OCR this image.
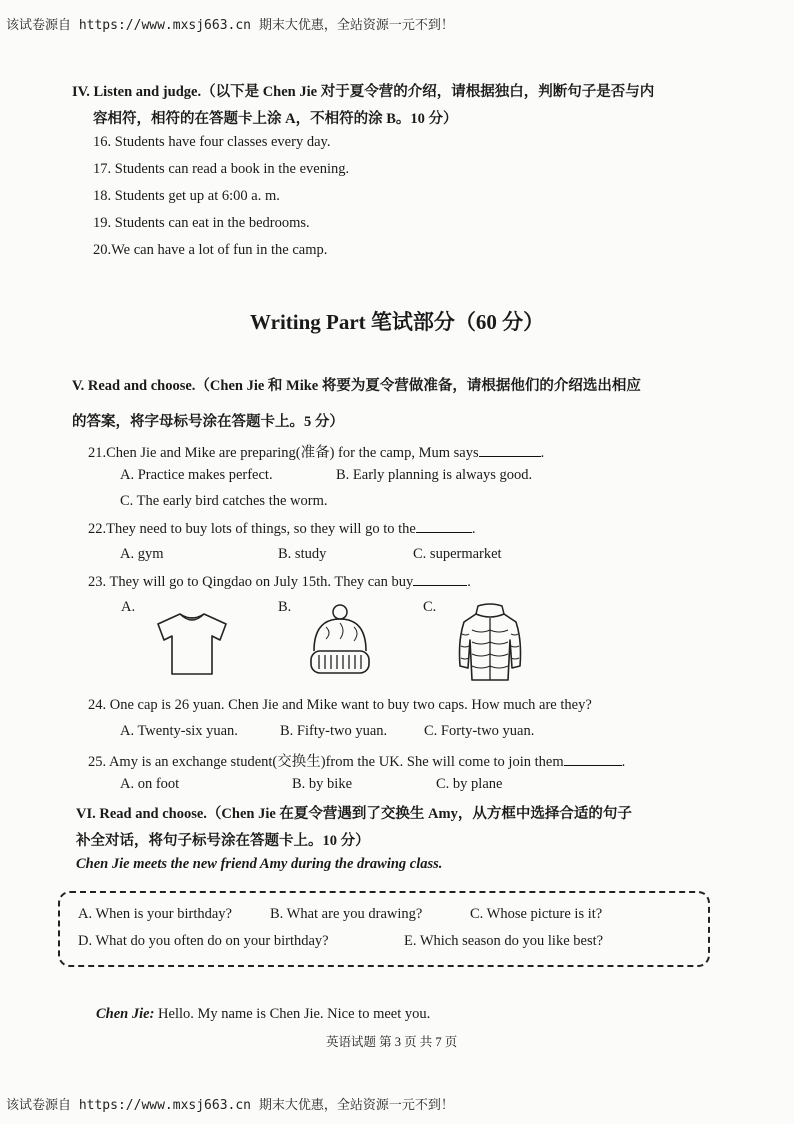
该试卷源自 https://www.mxsj663.cn 期末大优惠，全站资源一元不到！
IV. Listen and judge.（以下是 Chen Jie 对于夏令营的介绍，请根据独白，判断句子是否与内
容相符，相符的在答题卡上涂 A，不相符的涂 B。10 分）
16. Students have four classes every day.
17. Students can read a book in the evening.
18. Students get up at 6:00 a. m.
19. Students can eat in the bedrooms.
20.We can have a lot of fun in the camp.
Writing Part 笔试部分（60 分）
V. Read and choose.（Chen Jie 和 Mike 将要为夏令营做准备，请根据他们的介绍选出相应
的答案，将字母标号涂在答题卡上。5 分）
21.Chen Jie and Mike are preparing(准备) for the camp, Mum says	.
A. Practice makes perfect.	B. Early planning is always good.
C. The early bird catches the worm.
22.They need to buy lots of things, so they will go to the	.
A. gym	B. study	C. supermarket
23. They will go to Qingdao on July 15th. They can buy	.
A.	B.	C.
24. One cap is 26 yuan. Chen Jie and Mike want to buy two caps. How much are they?
A. Twenty-six yuan.	B. Fifty-two yuan.	C. Forty-two yuan.
25. Amy is an exchange student(交换生)from the UK. She will come to join them	.
A. on foot	B. by bike	C. by plane
VI. Read and choose.（Chen Jie 在夏令营遇到了交换生 Amy，从方框中选择合适的句子
补全对话，将句子标号涂在答题卡上。10 分）
Chen Jie meets the new friend Amy during the drawing class.
A. When is your birthday?	B. What are you drawing?	C. Whose picture is it?
D. What do you often do on your birthday?	E. Which season do you like best?
Chen Jie: Hello. My name is Chen Jie. Nice to meet you.
英语试题 第 3 页 共 7 页
该试卷源自 https://www.mxsj663.cn 期末大优惠，全站资源一元不到！
